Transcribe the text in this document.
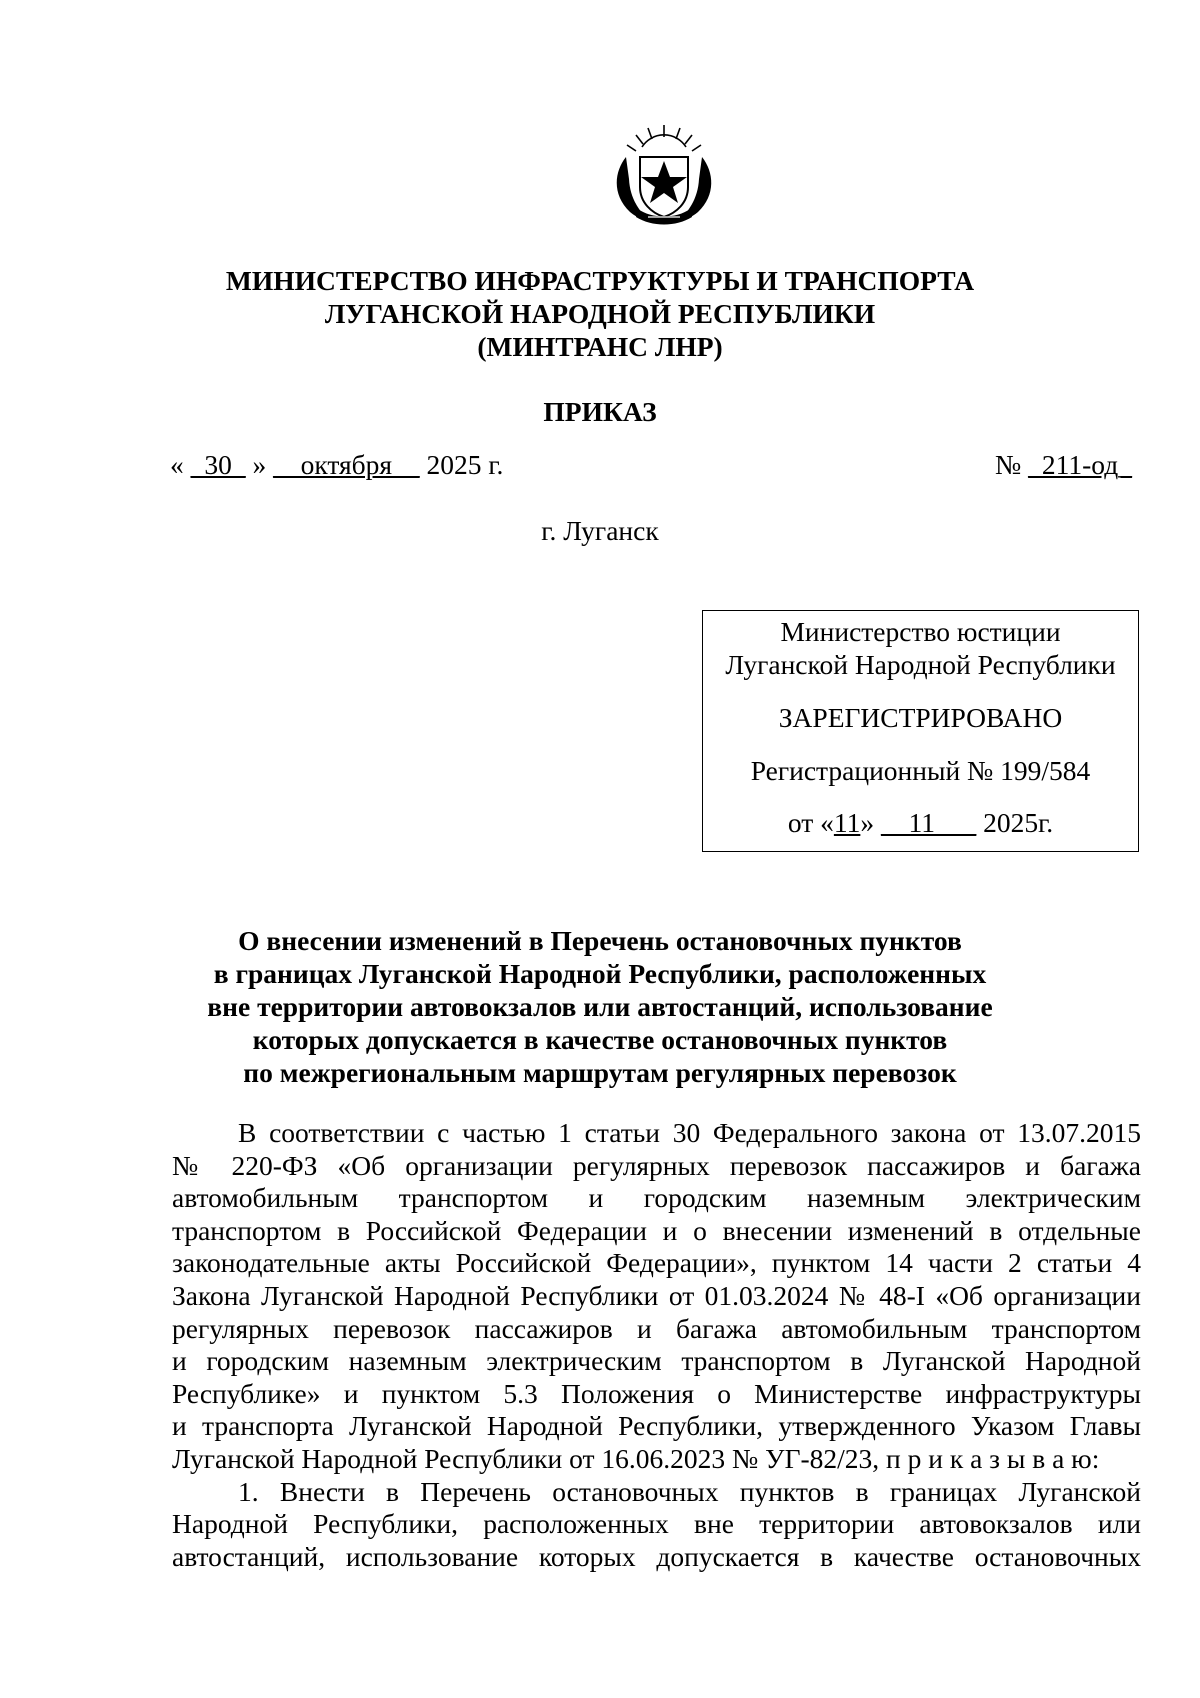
МИНИСТЕРСТВО ИНФРАСТРУКТУРЫ И ТРАНСПОРТА
ЛУГАНСКОЙ НАРОДНОЙ РЕСПУБЛИКИ
(МИНТРАНС ЛНР)
ПРИКАЗ
« _30_ » __октября__ 2025 г.	№ _211-од_
г. Луганск
Министерство юстиции
Луганской Народной Республики
ЗАРЕГИСТРИРОВАНО
Регистрационный № 199/584
от «11» __11___ 2025г.
О внесении изменений в Перечень остановочных пунктов
в границах Луганской Народной Республики, расположенных
вне территории автовокзалов или автостанций, использование
которых допускается в качестве остановочных пунктов
по межрегиональным маршрутам регулярных перевозок
В соответствии с частью 1 статьи 30 Федерального закона от 13.07.2015
№ 220-ФЗ «Об организации регулярных перевозок пассажиров и багажа
автомобильным транспортом и городским наземным электрическим
транспортом в Российской Федерации и о внесении изменений в отдельные
законодательные акты Российской Федерации», пунктом 14 части 2 статьи 4
Закона Луганской Народной Республики от 01.03.2024 № 48-I «Об организации
регулярных перевозок пассажиров и багажа автомобильным транспортом
и городским наземным электрическим транспортом в Луганской Народной
Республике» и пунктом 5.3 Положения о Министерстве инфраструктуры
и транспорта Луганской Народной Республики, утвержденного Указом Главы
Луганской Народной Республики от 16.06.2023 № УГ-82/23, п р и к а з ы в а ю:
1. Внести в Перечень остановочных пунктов в границах Луганской
Народной Республики, расположенных вне территории автовокзалов или
автостанций, использование которых допускается в качестве остановочных
